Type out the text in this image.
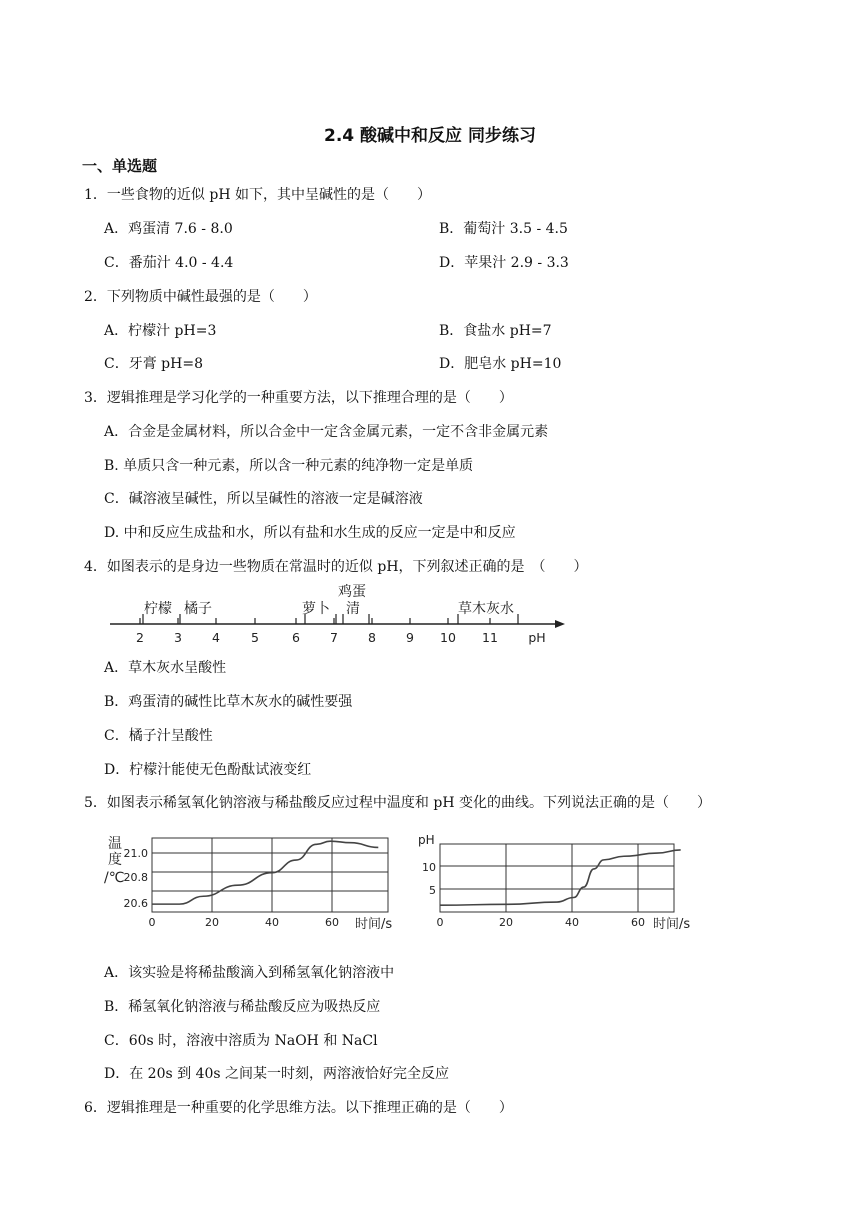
2.4 酸碱中和反应 同步练习
一、单选题
1．一些食物的近似 pH 如下，其中呈碱性的是（　　）
A．鸡蛋清 7.6 - 8.0	B．葡萄汁 3.5 - 4.5
C．番茄汁 4.0 - 4.4	D．苹果汁 2.9 - 3.3
2．下列物质中碱性最强的是（　　）
A．柠檬汁 pH=3	B．食盐水 pH=7
C．牙膏 pH=8	D．肥皂水 pH=10
3．逻辑推理是学习化学的一种重要方法，以下推理合理的是（　　）
A．合金是金属材料，所以合金中一定含金属元素，一定不含非金属元素
B. 单质只含一种元素，所以含一种元素的纯净物一定是单质
C．碱溶液呈碱性，所以呈碱性的溶液一定是碱溶液
D. 中和反应生成盐和水，所以有盐和水生成的反应一定是中和反应
4．如图表示的是身边一些物质在常温时的近似 pH，下列叙述正确的是　（　　）
2 3 4 5	6 7 8 9 10 11 pH
柠檬 橘子	萝卜
鸡蛋
清	草木灰水
A．草木灰水呈酸性
B．鸡蛋清的碱性比草木灰水的碱性要强
C．橘子汁呈酸性
D．柠檬汁能使无色酚酞试液变红
5．如图表示稀氢氧化钠溶液与稀盐酸反应过程中温度和 pH 变化的曲线。下列说法正确的是（　　）
温
度
/℃
21.0
20.8
20.6
0	20	40	60 时间/s
pH
10
5
0	20	40	60 时间/s
A．该实验是将稀盐酸滴入到稀氢氧化钠溶液中
B．稀氢氧化钠溶液与稀盐酸反应为吸热反应
C．60s 时，溶液中溶质为 NaOH 和 NaCl
D．在 20s 到 40s 之间某一时刻，两溶液恰好完全反应
6．逻辑推理是一种重要的化学思维方法。以下推理正确的是（　　）
